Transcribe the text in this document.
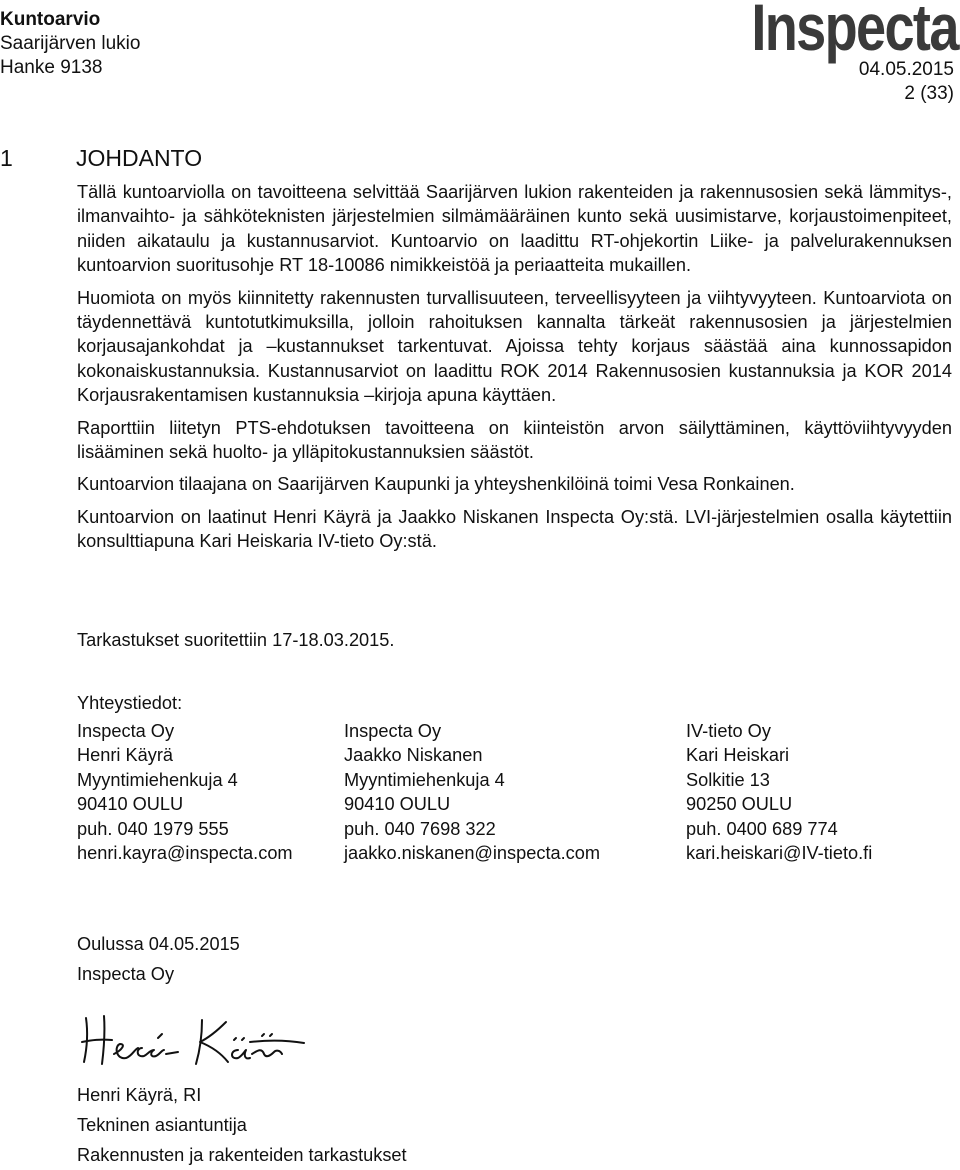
Kuntoarvio
Saarijärven lukio
Hanke 9138
Inspecta
04.05.2015
2 (33)
1	JOHDANTO

Tällä kuntoarviolla on tavoitteena selvittää Saarijärven lukion rakenteiden ja rakennusosien sekä lämmitys-, ilmanvaihto- ja sähköteknisten järjestelmien silmämääräinen kunto sekä uusimistarve, korjaustoimenpiteet, niiden aikataulu ja kustannusarviot. Kuntoarvio on laadittu RT-ohjekortin Liike- ja palvelurakennuksen kuntoarvion suoritusohje RT 18-10086 nimikkeistöä ja periaatteita mukaillen.

Huomiota on myös kiinnitetty rakennusten turvallisuuteen, terveellisyyteen ja viihtyvyyteen. Kuntoarviota on täydennettävä kuntotutkimuksilla, jolloin rahoituksen kannalta tärkeät rakennusosien ja järjestelmien korjausajankohdat ja –kustannukset tarkentuvat. Ajoissa tehty korjaus säästää aina kunnossapidon kokonaiskustannuksia. Kustannusarviot on laadittu ROK 2014 Rakennusosien kustannuksia ja KOR 2014 Korjausrakentamisen kustannuksia –kirjoja apuna käyttäen.

Raporttiin liitetyn PTS-ehdotuksen tavoitteena on kiinteistön arvon säilyttäminen, käyttöviihtyvyyden lisääminen sekä huolto- ja ylläpitokustannuksien säästöt.

Kuntoarvion tilaajana on Saarijärven Kaupunki ja yhteyshenkilöinä toimi Vesa Ronkainen.

Kuntoarvion on laatinut Henri Käyrä ja Jaakko Niskanen Inspecta Oy:stä. LVI-järjestelmien osalla käytettiin konsulttiapuna Kari Heiskaria IV-tieto Oy:stä.

Tarkastukset suoritettiin 17-18.03.2015.
Yhteystiedot:
Inspecta Oy
Henri Käyrä
Myyntimiehenkuja 4
90410 OULU
puh. 040 1979 555
henri.kayra@inspecta.com
Inspecta Oy
Jaakko Niskanen
Myyntimiehenkuja 4
90410 OULU
puh. 040 7698 322
jaakko.niskanen@inspecta.com
IV-tieto Oy
Kari Heiskari
Solkitie 13
90250 OULU
puh. 0400 689 774
kari.heiskari@IV-tieto.fi
Oulussa 04.05.2015
Inspecta Oy
Henri Käyrä, RI
Tekninen asiantuntija
Rakennusten ja rakenteiden tarkastukset
